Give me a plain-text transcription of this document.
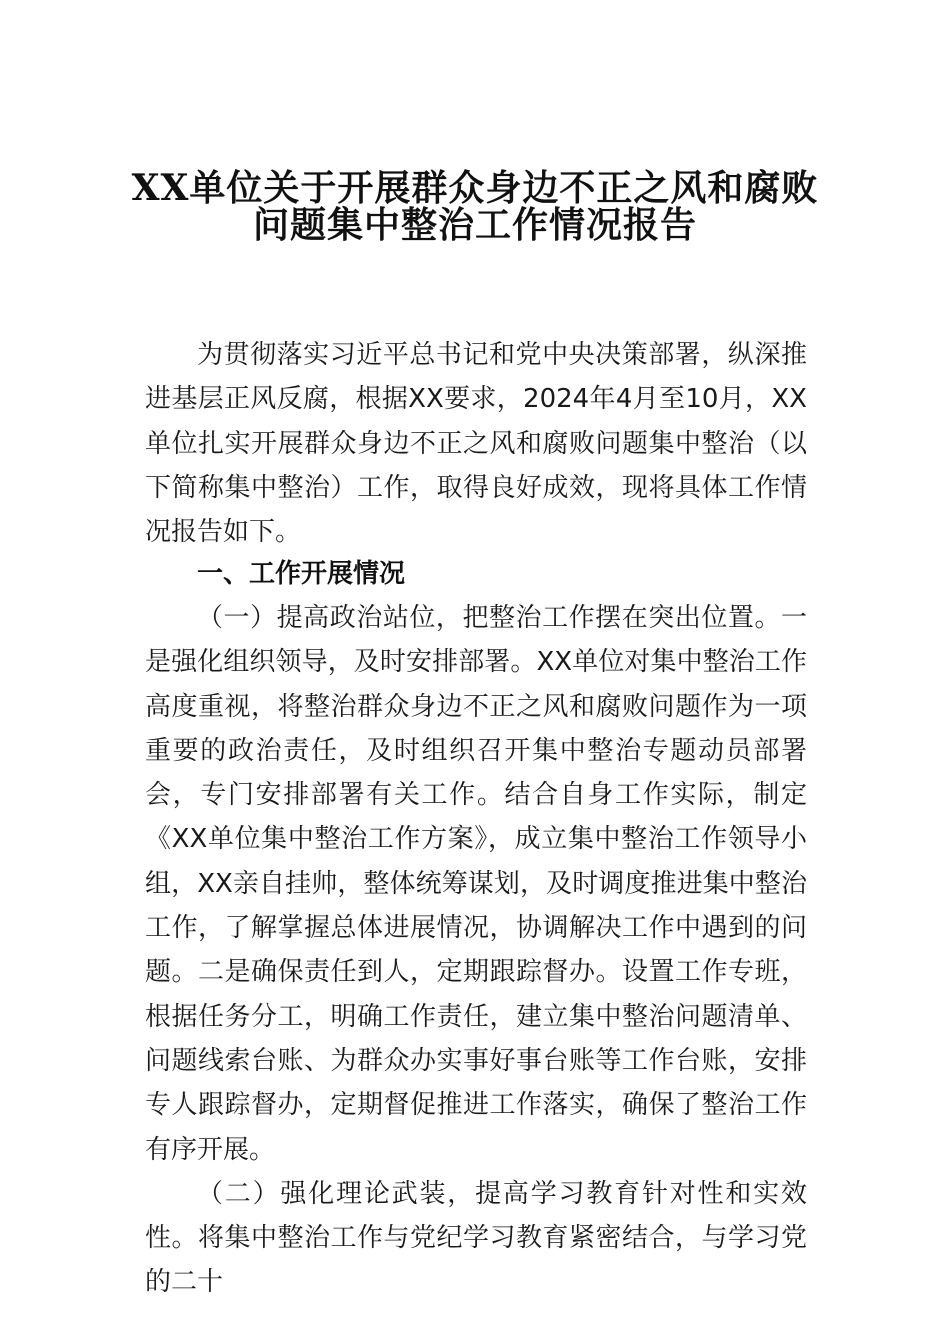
XX单位关于开展群众身边不正之风和腐败
问题集中整治工作情况报告

为贯彻落实习近平总书记和党中央决策部署，纵深推进基层正风反腐，根据XX要求，2024年4月至10月，XX单位扎实开展群众身边不正之风和腐败问题集中整治（以下简称集中整治）工作，取得良好成效，现将具体工作情况报告如下。

一、工作开展情况

（一）提高政治站位，把整治工作摆在突出位置。一是强化组织领导，及时安排部署。XX单位对集中整治工作高度重视，将整治群众身边不正之风和腐败问题作为一项重要的政治责任，及时组织召开集中整治专题动员部署会，专门安排部署有关工作。结合自身工作实际，制定《XX单位集中整治工作方案》，成立集中整治工作领导小组，XX亲自挂帅，整体统筹谋划，及时调度推进集中整治工作，了解掌握总体进展情况，协调解决工作中遇到的问题。二是确保责任到人，定期跟踪督办。设置工作专班，根据任务分工，明确工作责任，建立集中整治问题清单、问题线索台账、为群众办实事好事台账等工作台账，安排专人跟踪督办，定期督促推进工作落实，确保了整治工作有序开展。

（二）强化理论武装，提高学习教育针对性和实效性。将集中整治工作与党纪学习教育紧密结合，与学习党的二十
